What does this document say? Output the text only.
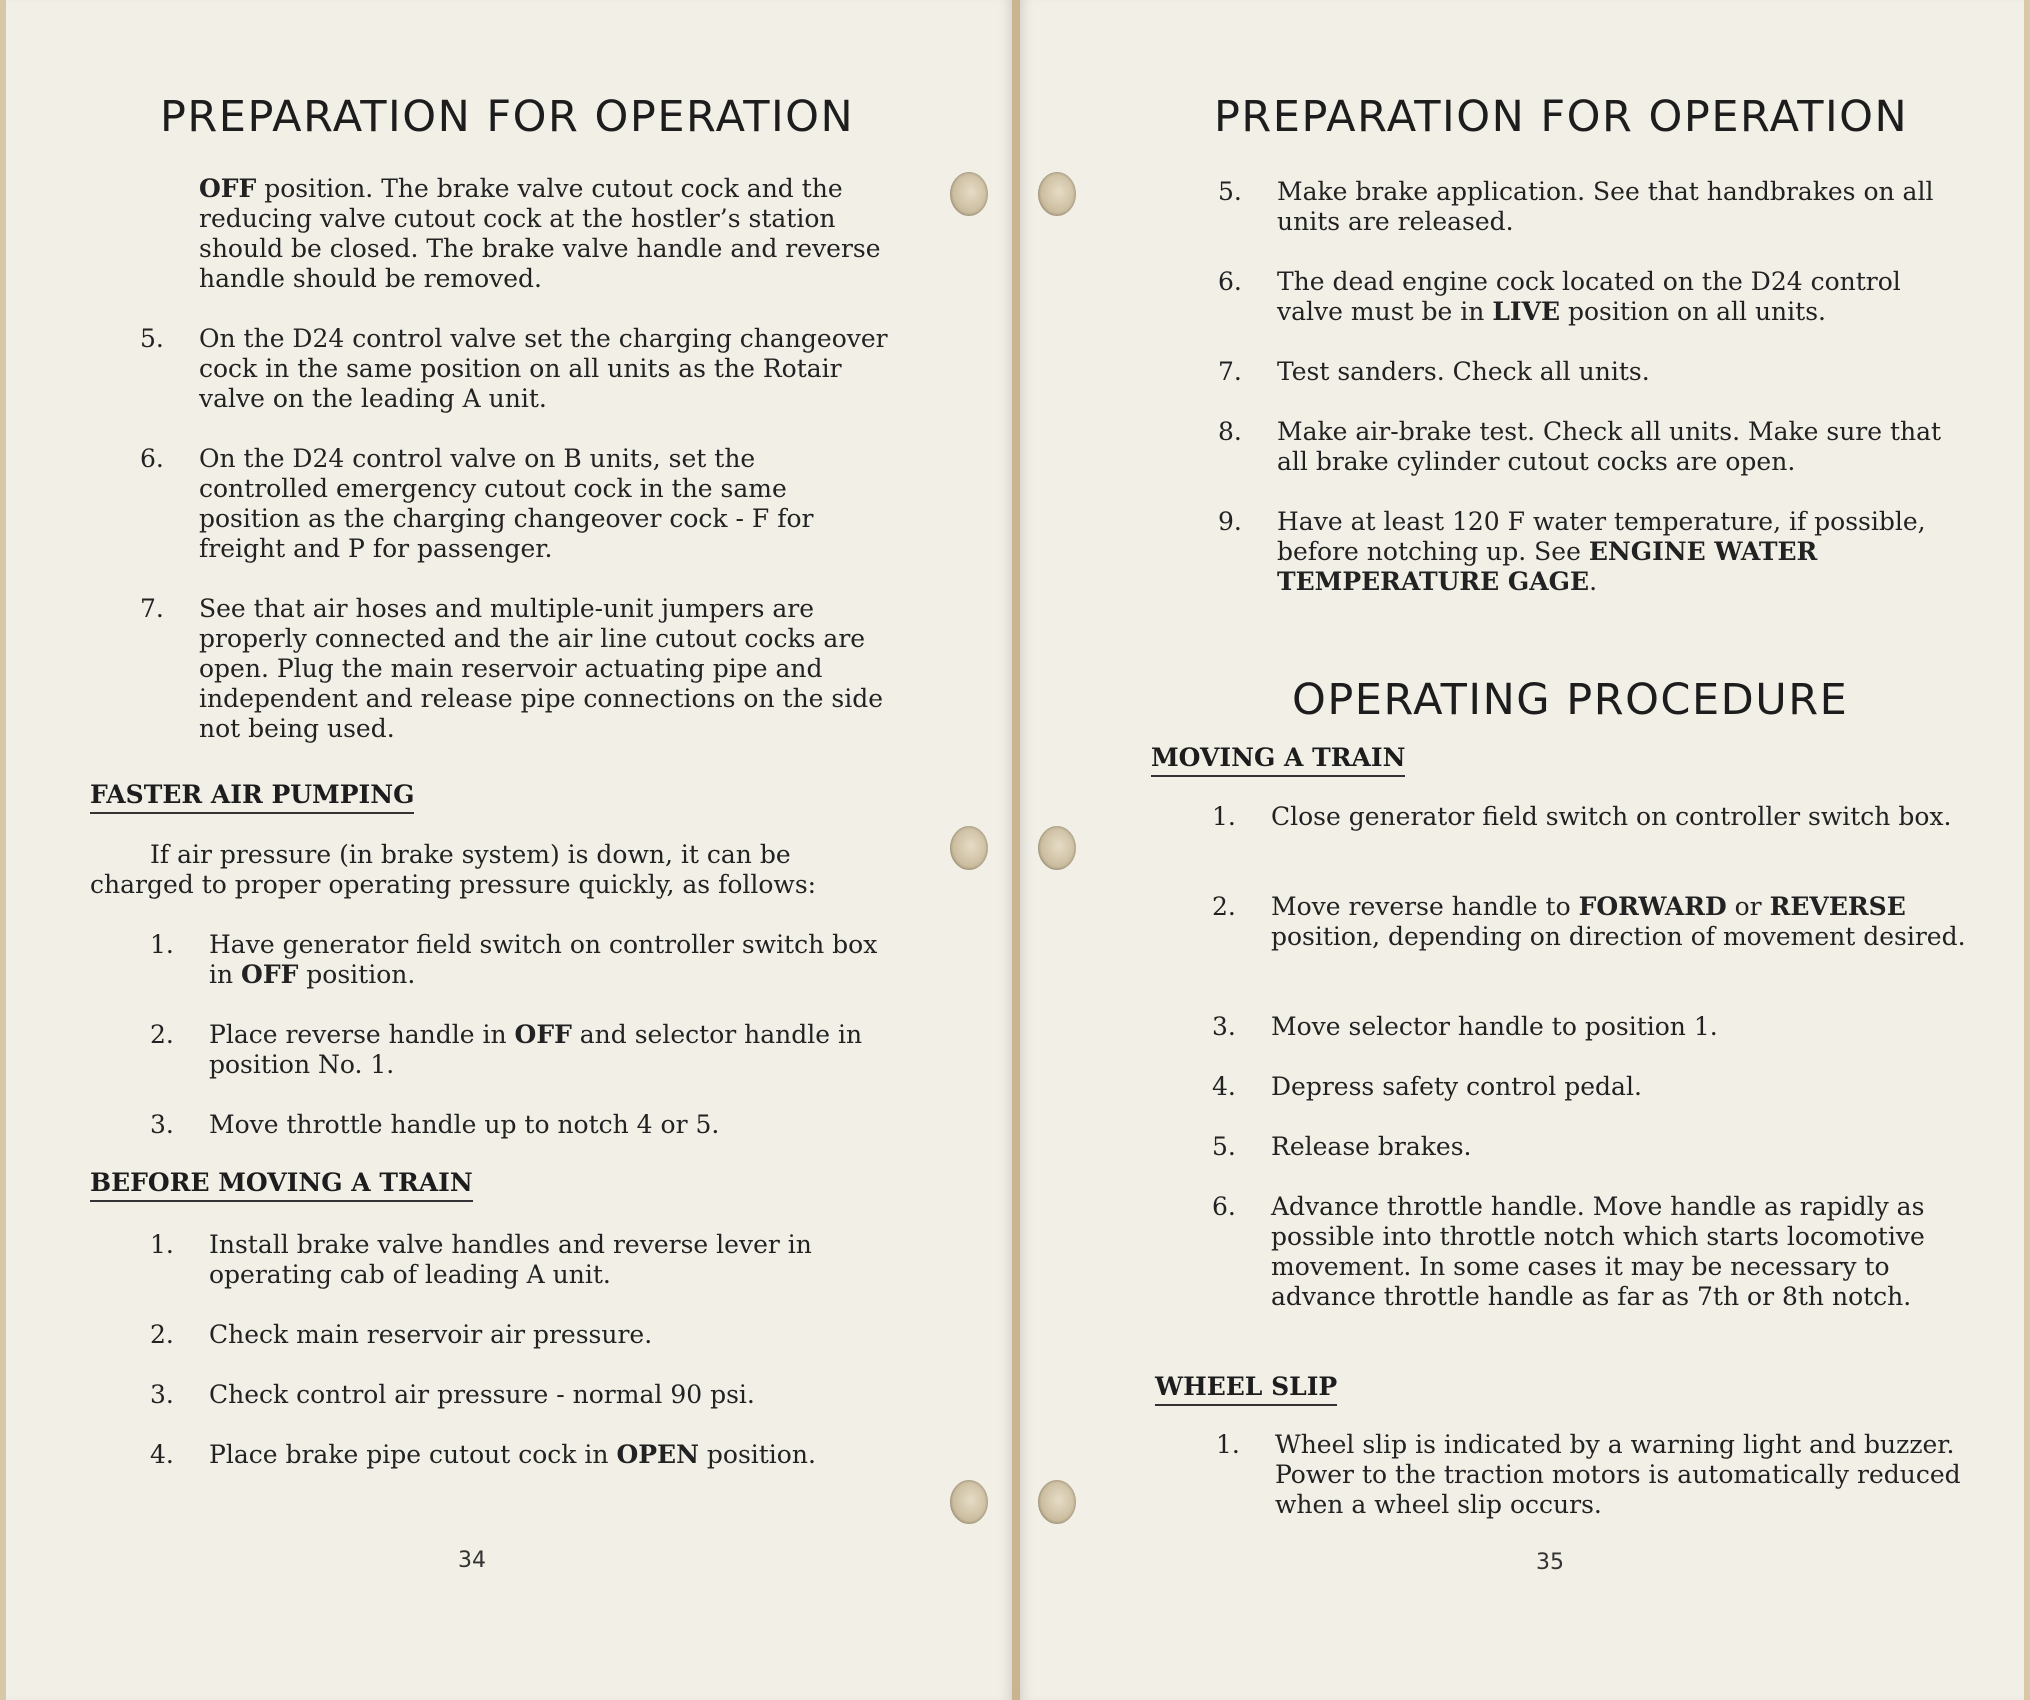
PREPARATION FOR OPERATION

OFF position. The brake valve cutout cock and the reducing valve cutout cock at the hostler’s station should be closed. The brake valve handle and reverse handle should be removed.

5. On the D24 control valve set the charging changeover cock in the same position on all units as the Rotair valve on the leading A unit.

6. On the D24 control valve on B units, set the controlled emergency cutout cock in the same position as the charging changeover cock - F for freight and P for passenger.

7. See that air hoses and multiple-unit jumpers are properly connected and the air line cutout cocks are open. Plug the main reservoir actuating pipe and independent and release pipe connections on the side not being used.

FASTER AIR PUMPING

If air pressure (in brake system) is down, it can be charged to proper operating pressure quickly, as follows:

1. Have generator field switch on controller switch box in OFF position.

2. Place reverse handle in OFF and selector handle in position No. 1.

3. Move throttle handle up to notch 4 or 5.

BEFORE MOVING A TRAIN
1. Install brake valve handles and reverse lever in operating cab of leading A unit.

2. Check main reservoir air pressure.

3. Check control air pressure - normal 90 psi.

4. Place brake pipe cutout cock in OPEN position.

34
PREPARATION FOR OPERATION
5. Make brake application. See that handbrakes on all units are released.

6. The dead engine cock located on the D24 control valve must be in LIVE position on all units.

7. Test sanders. Check all units.

8. Make air-brake test. Check all units. Make sure that all brake cylinder cutout cocks are open.

9. Have at least 120 F water temperature, if possible, before notching up. See ENGINE WATER TEMPERATURE GAGE.

OPERATING PROCEDURE
MOVING A TRAIN
1. Close generator field switch on controller switch box.

2. Move reverse handle to FORWARD or REVERSE position, depending on direction of movement desired.

3. Move selector handle to position 1.

4. Depress safety control pedal.

5. Release brakes.

6. Advance throttle handle. Move handle as rapidly as possible into throttle notch which starts locomotive movement. In some cases it may be necessary to advance throttle handle as far as 7th or 8th notch.

WHEEL SLIP
1. Wheel slip is indicated by a warning light and buzzer. Power to the traction motors is automatically reduced when a wheel slip occurs.

35
